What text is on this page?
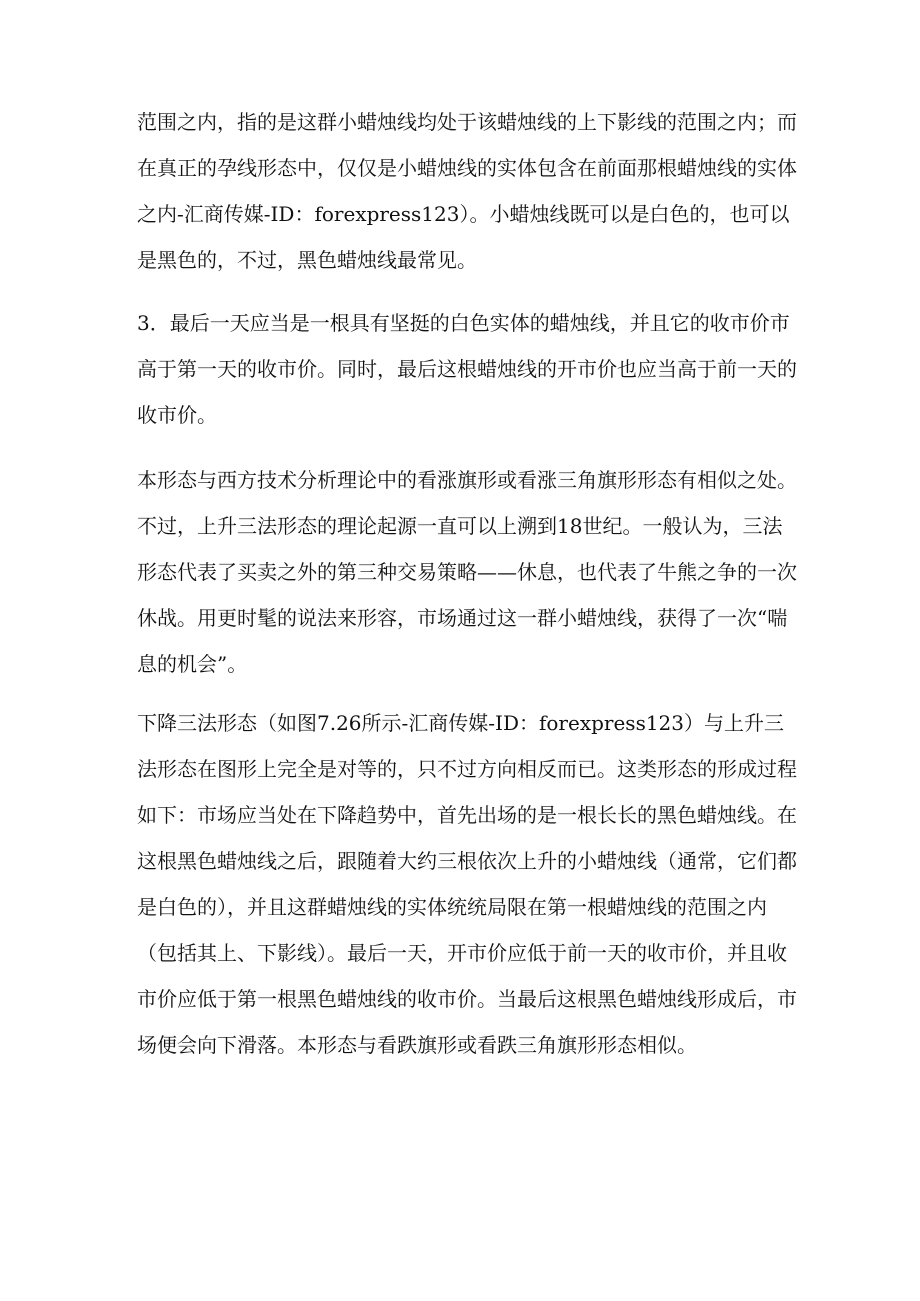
范围之内，指的是这群小蜡烛线均处于该蜡烛线的上下影线的范围之内；而
在真正的孕线形态中，仅仅是小蜡烛线的实体包含在前面那根蜡烛线的实体
之内-汇商传媒-ID：forexpress123）。小蜡烛线既可以是白色的，也可以
是黑色的，不过，黑色蜡烛线最常见。
3．最后一天应当是一根具有坚挺的白色实体的蜡烛线，并且它的收市价市
高于第一天的收市价。同时，最后这根蜡烛线的开市价也应当高于前一天的
收市价。
本形态与西方技术分析理论中的看涨旗形或看涨三角旗形形态有相似之处。
不过，上升三法形态的理论起源一直可以上溯到18世纪。一般认为，三法
形态代表了买卖之外的第三种交易策略——休息，也代表了牛熊之争的一次
休战。用更时髦的说法来形容，市场通过这一群小蜡烛线，获得了一次“喘
息的机会”。
下降三法形态（如图7.26所示-汇商传媒-ID：forexpress123）与上升三
法形态在图形上完全是对等的，只不过方向相反而已。这类形态的形成过程
如下：市场应当处在下降趋势中，首先出场的是一根长长的黑色蜡烛线。在
这根黑色蜡烛线之后，跟随着大约三根依次上升的小蜡烛线（通常，它们都
是白色的），并且这群蜡烛线的实体统统局限在第一根蜡烛线的范围之内
（包括其上、下影线）。最后一天，开市价应低于前一天的收市价，并且收
市价应低于第一根黑色蜡烛线的收市价。当最后这根黑色蜡烛线形成后，市
场便会向下滑落。本形态与看跌旗形或看跌三角旗形形态相似。
